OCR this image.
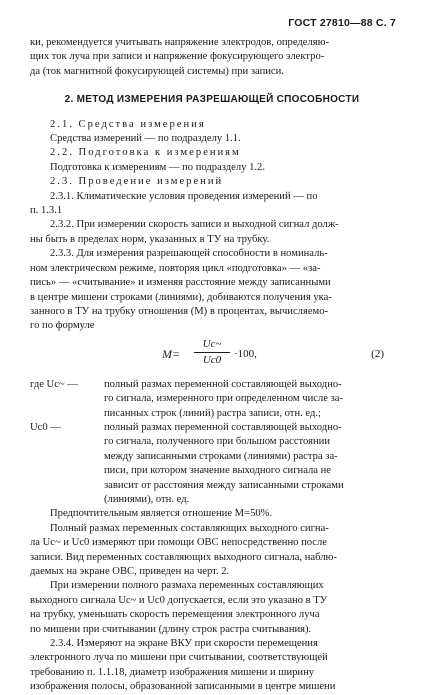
ГОСТ 27810—88 С. 7

ки, рекомендуется учитывать напряжение электродов, определяю-
щих ток луча при записи и напряжение фокусирующего электро-
да (ток магнитной фокусирующей системы) при записи.

2. МЕТОД ИЗМЕРЕНИЯ РАЗРЕШАЮЩЕЙ СПОСОБНОСТИ

2.1. Средства измерения

Средства измерений — по подразделу 1.1.

2.2. Подготовка к измерениям

Подготовка к измерениям — по подразделу 1.2.

2.3. Проведение измерений

2.3.1. Климатические условия проведения измерений — по
п. 1.3.1

2.3.2. При измерении скорость записи и выходной сигнал долж-
ны быть в пределах норм, указанных в ТУ на трубку.

2.3.3. Для измерения разрешающей способности в номиналь-
ном электрическом режиме, повторяя цикл «подготовка» — «за-
пись» — «считывание» и изменяя расстояние между записанными
в центре мишени строками (линиями), добиваются получения ука-
занного в ТУ на трубку отношения (M) в процентах, вычисляемо-
го по формуле

$M= \frac{Uc\sim}{Uc0} \cdot 100$,	(2)
где Uc~ —	полный размах переменной составляющей выходно-
го сигнала, измеренного при определенном числе за-
писанных строк (линий) растра записи, отн. ед.;
Uc0 —	полный размах переменной составляющей выходно-
го сигнала, полученного при большом расстоянии
между записанными строками (линиями) растра за-
писи, при котором значение выходного сигнала не
зависит от расстояния между записанными строками
(линиями), отн. ед.

Предпочтительным является отношение M=50%.

Полный размах переменных составляющих выходного сигна-
ла Uc~ и Uc0 измеряют при помощи ОВС непосредственно после
записи. Вид переменных составляющих выходного сигнала, наблю-
даемых на экране ОВС, приведен на черт. 2.

При измерении полного размаха переменных составляющих
выходного сигнала Uc~ и Uc0 допускается, если это указано в ТУ
на трубку, уменьшать скорость перемещения электронного луча
по мишени при считывании (длину строк растра считывания).

2.3.4. Измеряют на экране ВКУ при скорости перемещения
электронного луча по мишени при считывании, соответствующей
требованию п. 1.1.18, диаметр изображения мишени и ширину
изображения полосы, образованной записанными в центре мишени
